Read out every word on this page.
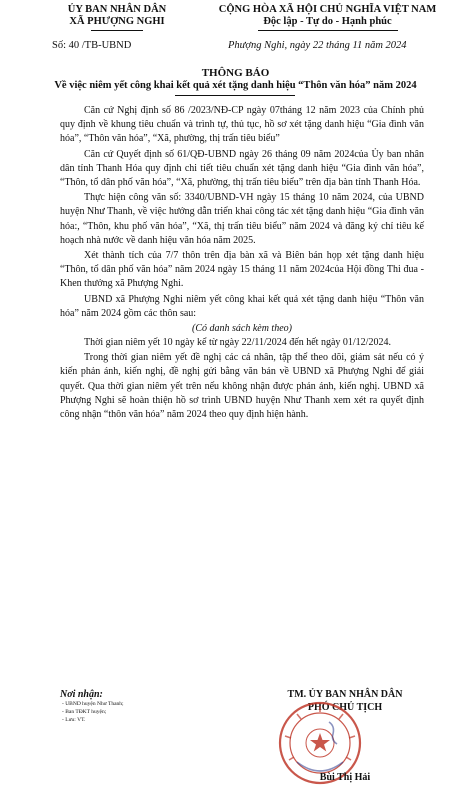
ỦY BAN NHÂN DÂN
XÃ PHƯỢNG NGHI
CỘNG HÒA XÃ HỘI CHỦ NGHĨA VIỆT NAM
Độc lập - Tự do - Hạnh phúc
Số: 40 /TB-UBND	Phượng Nghi, ngày 22 tháng 11 năm 2024
THÔNG BÁO
Về việc niêm yết công khai kết quả xét tặng danh hiệu “Thôn văn hóa” năm 2024

Căn cứ Nghị định số 86 /2023/NĐ-CP ngày 07tháng 12 năm 2023 của Chính phủ quy định về khung tiêu chuẩn và trình tự, thủ tục, hồ sơ xét tặng danh hiệu “Gia đình văn hóa”, “Thôn văn hóa”, “Xã, phường, thị trấn tiêu biểu”

Căn cứ Quyết định số 61/QĐ-UBND ngày 26 tháng 09 năm 2024của Ủy ban nhân dân tỉnh Thanh Hóa quy định chi tiết tiêu chuẩn xét tặng danh hiệu “Gia đình văn hóa”, “Thôn, tổ dân phố văn hóa”, “Xã, phường, thị trấn tiêu biểu” trên địa bàn tỉnh Thanh Hóa.

Thực hiện công văn số: 3340/UBND-VH ngày 15 tháng 10 năm 2024, của UBND huyện Như Thanh, về việc hướng dẫn triển khai công tác xét tặng danh hiệu “Gia đình văn hóa:, “Thôn, khu phố văn hóa”, “Xã, thị trấn tiêu biểu” năm 2024 và đăng ký chỉ tiêu kế hoạch nhà nước về danh hiệu văn hóa năm 2025.

Xét thành tích của 7/7 thôn trên địa bàn xã và Biên bản họp xét tặng danh hiệu “Thôn, tổ dân phố văn hóa” năm 2024 ngày 15 tháng 11 năm 2024của Hội đồng Thi đua - Khen thưởng xã Phượng Nghi.

UBND xã Phượng Nghi niêm yết công khai kết quả xét tặng danh hiệu “Thôn văn hóa” năm 2024 gồm các thôn sau:

(Có danh sách kèm theo)

Thời gian niêm yết 10 ngày kể từ ngày 22/11/2024 đến hết ngày 01/12/2024.

Trong thời gian niêm yết đề nghị các cá nhân, tập thể theo dõi, giám sát nếu có ý kiến phản ánh, kiến nghị, đề nghị gửi bằng văn bản về UBND xã Phượng Nghi để giải quyết. Qua thời gian niêm yết trên nếu không nhận được phản ánh, kiến nghị. UBND xã Phượng Nghi sẽ hoàn thiện hồ sơ trình UBND huyện Như Thanh xem xét ra quyết định công nhận “thôn văn hóa” năm 2024 theo quy định hiện hành.

Nơi nhận:
- UBND huyện Như Thanh;
- Ban TĐKT huyện;
- Lưu: VT.
TM. ỦY BAN NHÂN DÂN
PHÓ CHỦ TỊCH
Bùi Thị Hải
